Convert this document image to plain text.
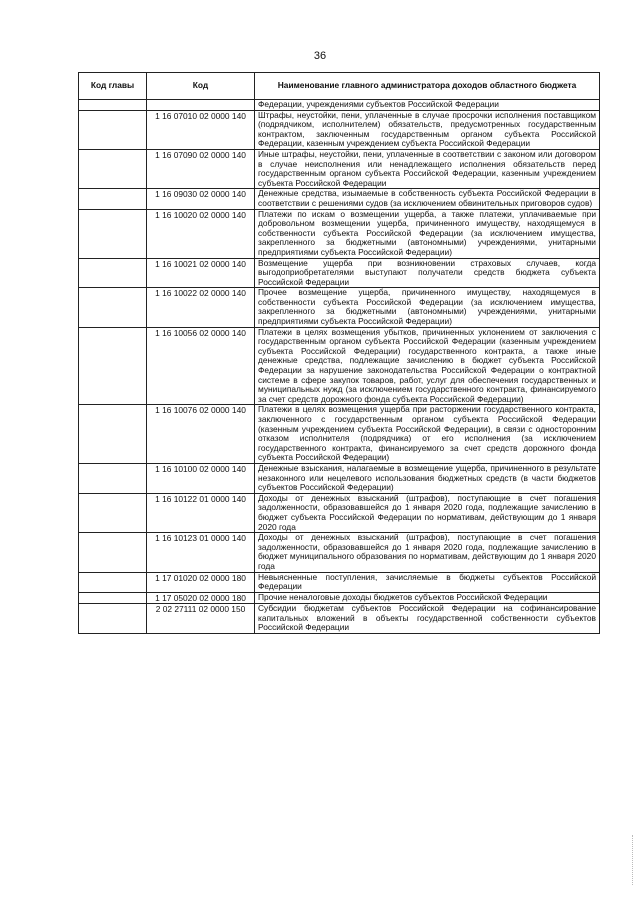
36
Код главы	Код	Наименование главного администратора доходов областного бюджета
		Федерации, учреждениями субъектов Российской Федерации
	1 16 07010 02 0000 140	Штрафы, неустойки, пени, уплаченные в случае просрочки исполнения поставщиком (подрядчиком, исполнителем) обязательств, предусмотренных государственным контрактом, заключенным государственным органом субъекта Российской Федерации, казенным учреждением субъекта Российской Федерации
	1 16 07090 02 0000 140	Иные штрафы, неустойки, пени, уплаченные в соответствии с законом или договором в случае неисполнения или ненадлежащего исполнения обязательств перед государственным органом субъекта Российской Федерации, казенным учреждением субъекта Российской Федерации
	1 16 09030 02 0000 140	Денежные средства, изымаемые в собственность субъекта Российской Федерации в соответствии с решениями судов (за исключением обвинительных приговоров судов)
	1 16 10020 02 0000 140	Платежи по искам о возмещении ущерба, а также платежи, уплачиваемые при добровольном возмещении ущерба, причиненного имуществу, находящемуся в собственности субъекта Российской Федерации (за исключением имущества, закрепленного за бюджетными (автономными) учреждениями, унитарными предприятиями субъекта Российской Федерации)
	1 16 10021 02 0000 140	Возмещение ущерба при возникновении страховых случаев, когда выгодоприобретателями выступают получатели средств бюджета субъекта Российской Федерации
	1 16 10022 02 0000 140	Прочее возмещение ущерба, причиненного имуществу, находящемуся в собственности субъекта Российской Федерации (за исключением имущества, закрепленного за бюджетными (автономными) учреждениями, унитарными предприятиями субъекта Российской Федерации)
	1 16 10056 02 0000 140	Платежи в целях возмещения убытков, причиненных уклонением от заключения с государственным органом субъекта Российской Федерации (казенным учреждением субъекта Российской Федерации) государственного контракта, а также иные денежные средства, подлежащие зачислению в бюджет субъекта Российской Федерации за нарушение законодательства Российской Федерации о контрактной системе в сфере закупок товаров, работ, услуг для обеспечения государственных и муниципальных нужд (за исключением государственного контракта, финансируемого за счет средств дорожного фонда субъекта Российской Федерации)
	1 16 10076 02 0000 140	Платежи в целях возмещения ущерба при расторжении государственного контракта, заключенного с государственным органом субъекта Российской Федерации (казенным учреждением субъекта Российской Федерации), в связи с односторонним отказом исполнителя (подрядчика) от его исполнения (за исключением государственного контракта, финансируемого за счет средств дорожного фонда субъекта Российской Федерации)
	1 16 10100 02 0000 140	Денежные взыскания, налагаемые в возмещение ущерба, причиненного в результате незаконного или нецелевого использования бюджетных средств (в части бюджетов субъектов Российской Федерации)
	1 16 10122 01 0000 140	Доходы от денежных взысканий (штрафов), поступающие в счет погашения задолженности, образовавшейся до 1 января 2020 года, подлежащие зачислению в бюджет субъекта Российской Федерации по нормативам, действующим до 1 января 2020 года
	1 16 10123 01 0000 140	Доходы от денежных взысканий (штрафов), поступающие в счет погашения задолженности, образовавшейся до 1 января 2020 года, подлежащие зачислению в бюджет муниципального образования по нормативам, действующим до 1 января 2020 года
	1 17 01020 02 0000 180	Невыясненные поступления, зачисляемые в бюджеты субъектов Российской Федерации
	1 17 05020 02 0000 180	Прочие неналоговые доходы бюджетов субъектов Российской Федерации
	2 02 27111 02 0000 150	Субсидии бюджетам субъектов Российской Федерации на софинансирование капитальных вложений в объекты государственной собственности субъектов Российской Федерации
